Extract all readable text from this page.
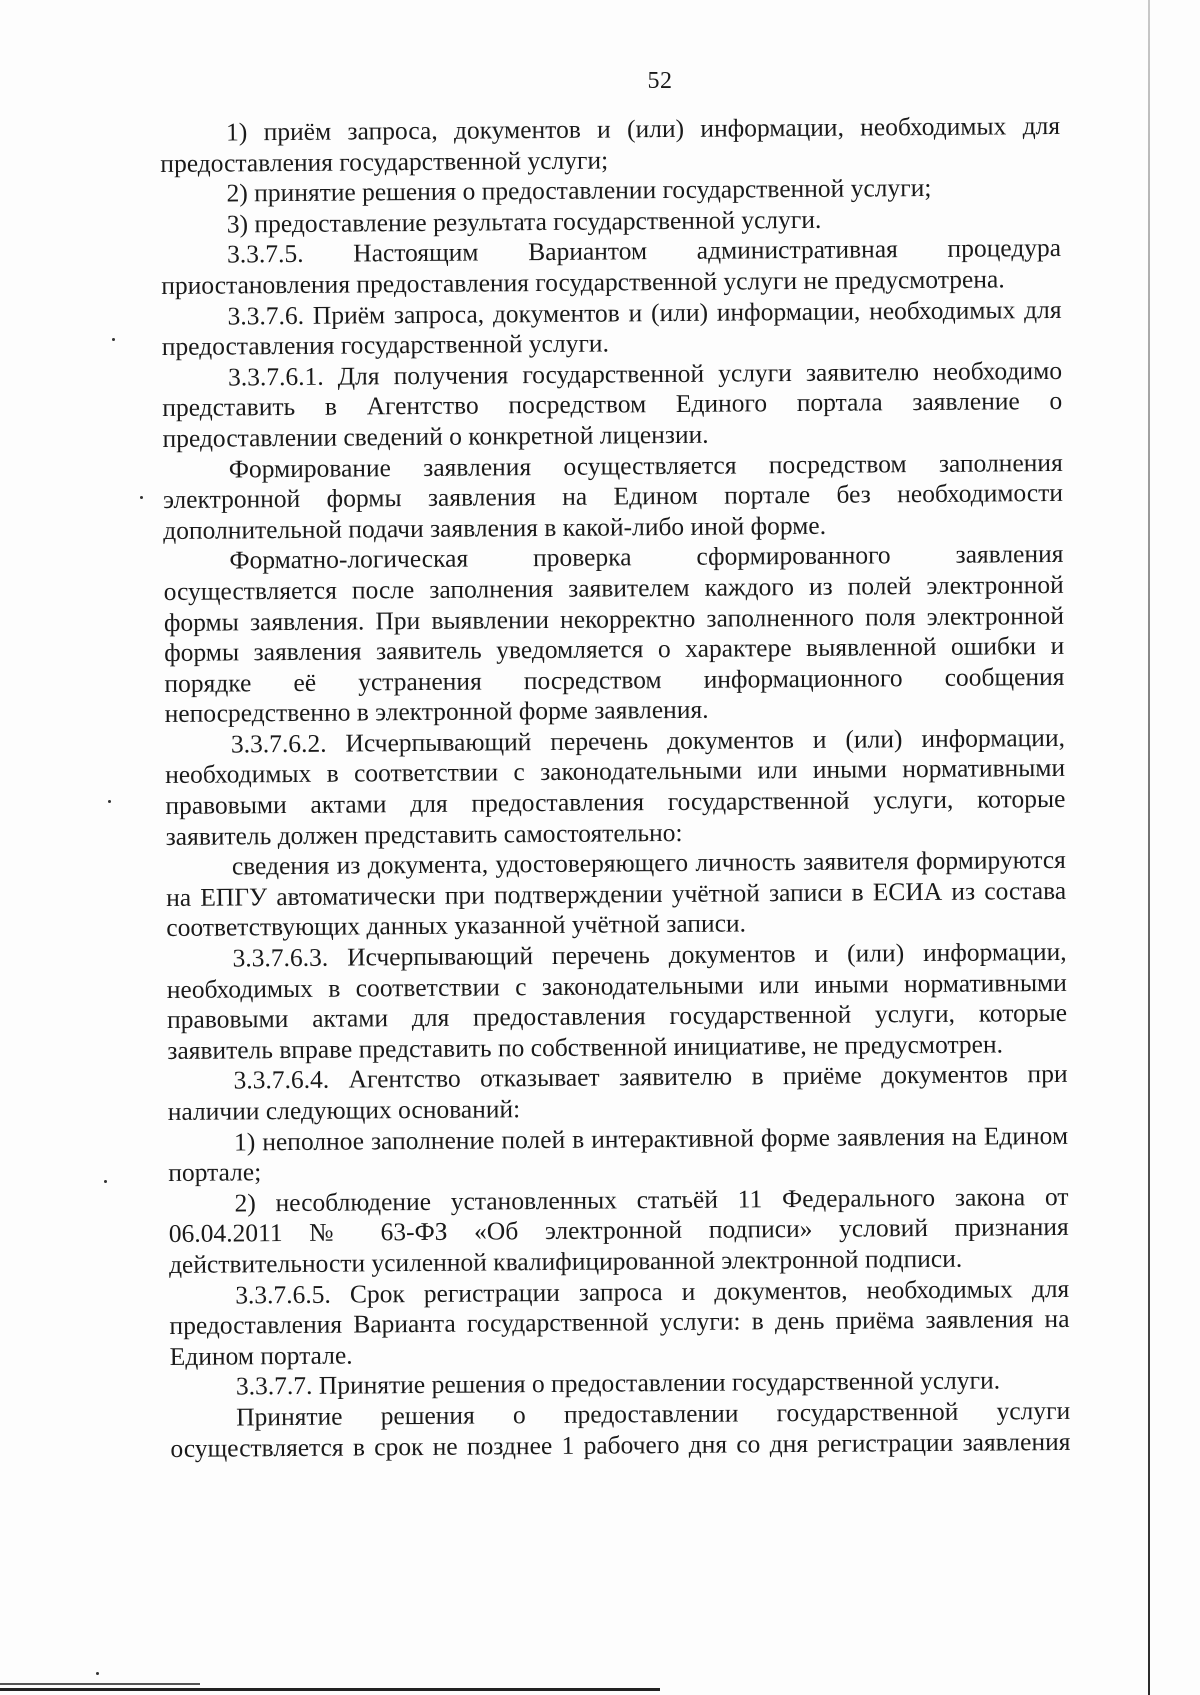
52

1) приём запроса, документов и (или) информации, необходимых для предоставления государственной услуги;

2) принятие решения о предоставлении государственной услуги;

3) предоставление результата государственной услуги.

3.3.7.5. Настоящим Вариантом административная процедура приостановления предоставления государственной услуги не предусмотрена.

3.3.7.6. Приём запроса, документов и (или) информации, необходимых для предоставления государственной услуги.

3.3.7.6.1. Для получения государственной услуги заявителю необходимо представить в Агентство посредством Единого портала заявление о предоставлении сведений о конкретной лицензии.

Формирование заявления осуществляется посредством заполнения электронной формы заявления на Едином портале без необходимости дополнительной подачи заявления в какой-либо иной форме.

Форматно-логическая проверка сформированного заявления осуществляется после заполнения заявителем каждого из полей электронной формы заявления. При выявлении некорректно заполненного поля электронной формы заявления заявитель уведомляется о характере выявленной ошибки и порядке её устранения посредством информационного сообщения непосредственно в электронной форме заявления.

3.3.7.6.2. Исчерпывающий перечень документов и (или) информации, необходимых в соответствии с законодательными или иными нормативными правовыми актами для предоставления государственной услуги, которые заявитель должен представить самостоятельно:

сведения из документа, удостоверяющего личность заявителя формируются на ЕПГУ автоматически при подтверждении учётной записи в ЕСИА из состава соответствующих данных указанной учётной записи.

3.3.7.6.3. Исчерпывающий перечень документов и (или) информации, необходимых в соответствии с законодательными или иными нормативными правовыми актами для предоставления государственной услуги, которые заявитель вправе представить по собственной инициативе, не предусмотрен.

3.3.7.6.4. Агентство отказывает заявителю в приёме документов при наличии следующих оснований:

1) неполное заполнение полей в интерактивной форме заявления на Едином портале;

2) несоблюдение установленных статьёй 11 Федерального закона от 06.04.2011 № 63-ФЗ «Об электронной подписи» условий признания действительности усиленной квалифицированной электронной подписи.

3.3.7.6.5. Срок регистрации запроса и документов, необходимых для предоставления Варианта государственной услуги: в день приёма заявления на Едином портале.

3.3.7.7. Принятие решения о предоставлении государственной услуги.

Принятие решения о предоставлении государственной услуги осуществляется в срок не позднее 1 рабочего дня со дня регистрации заявления
